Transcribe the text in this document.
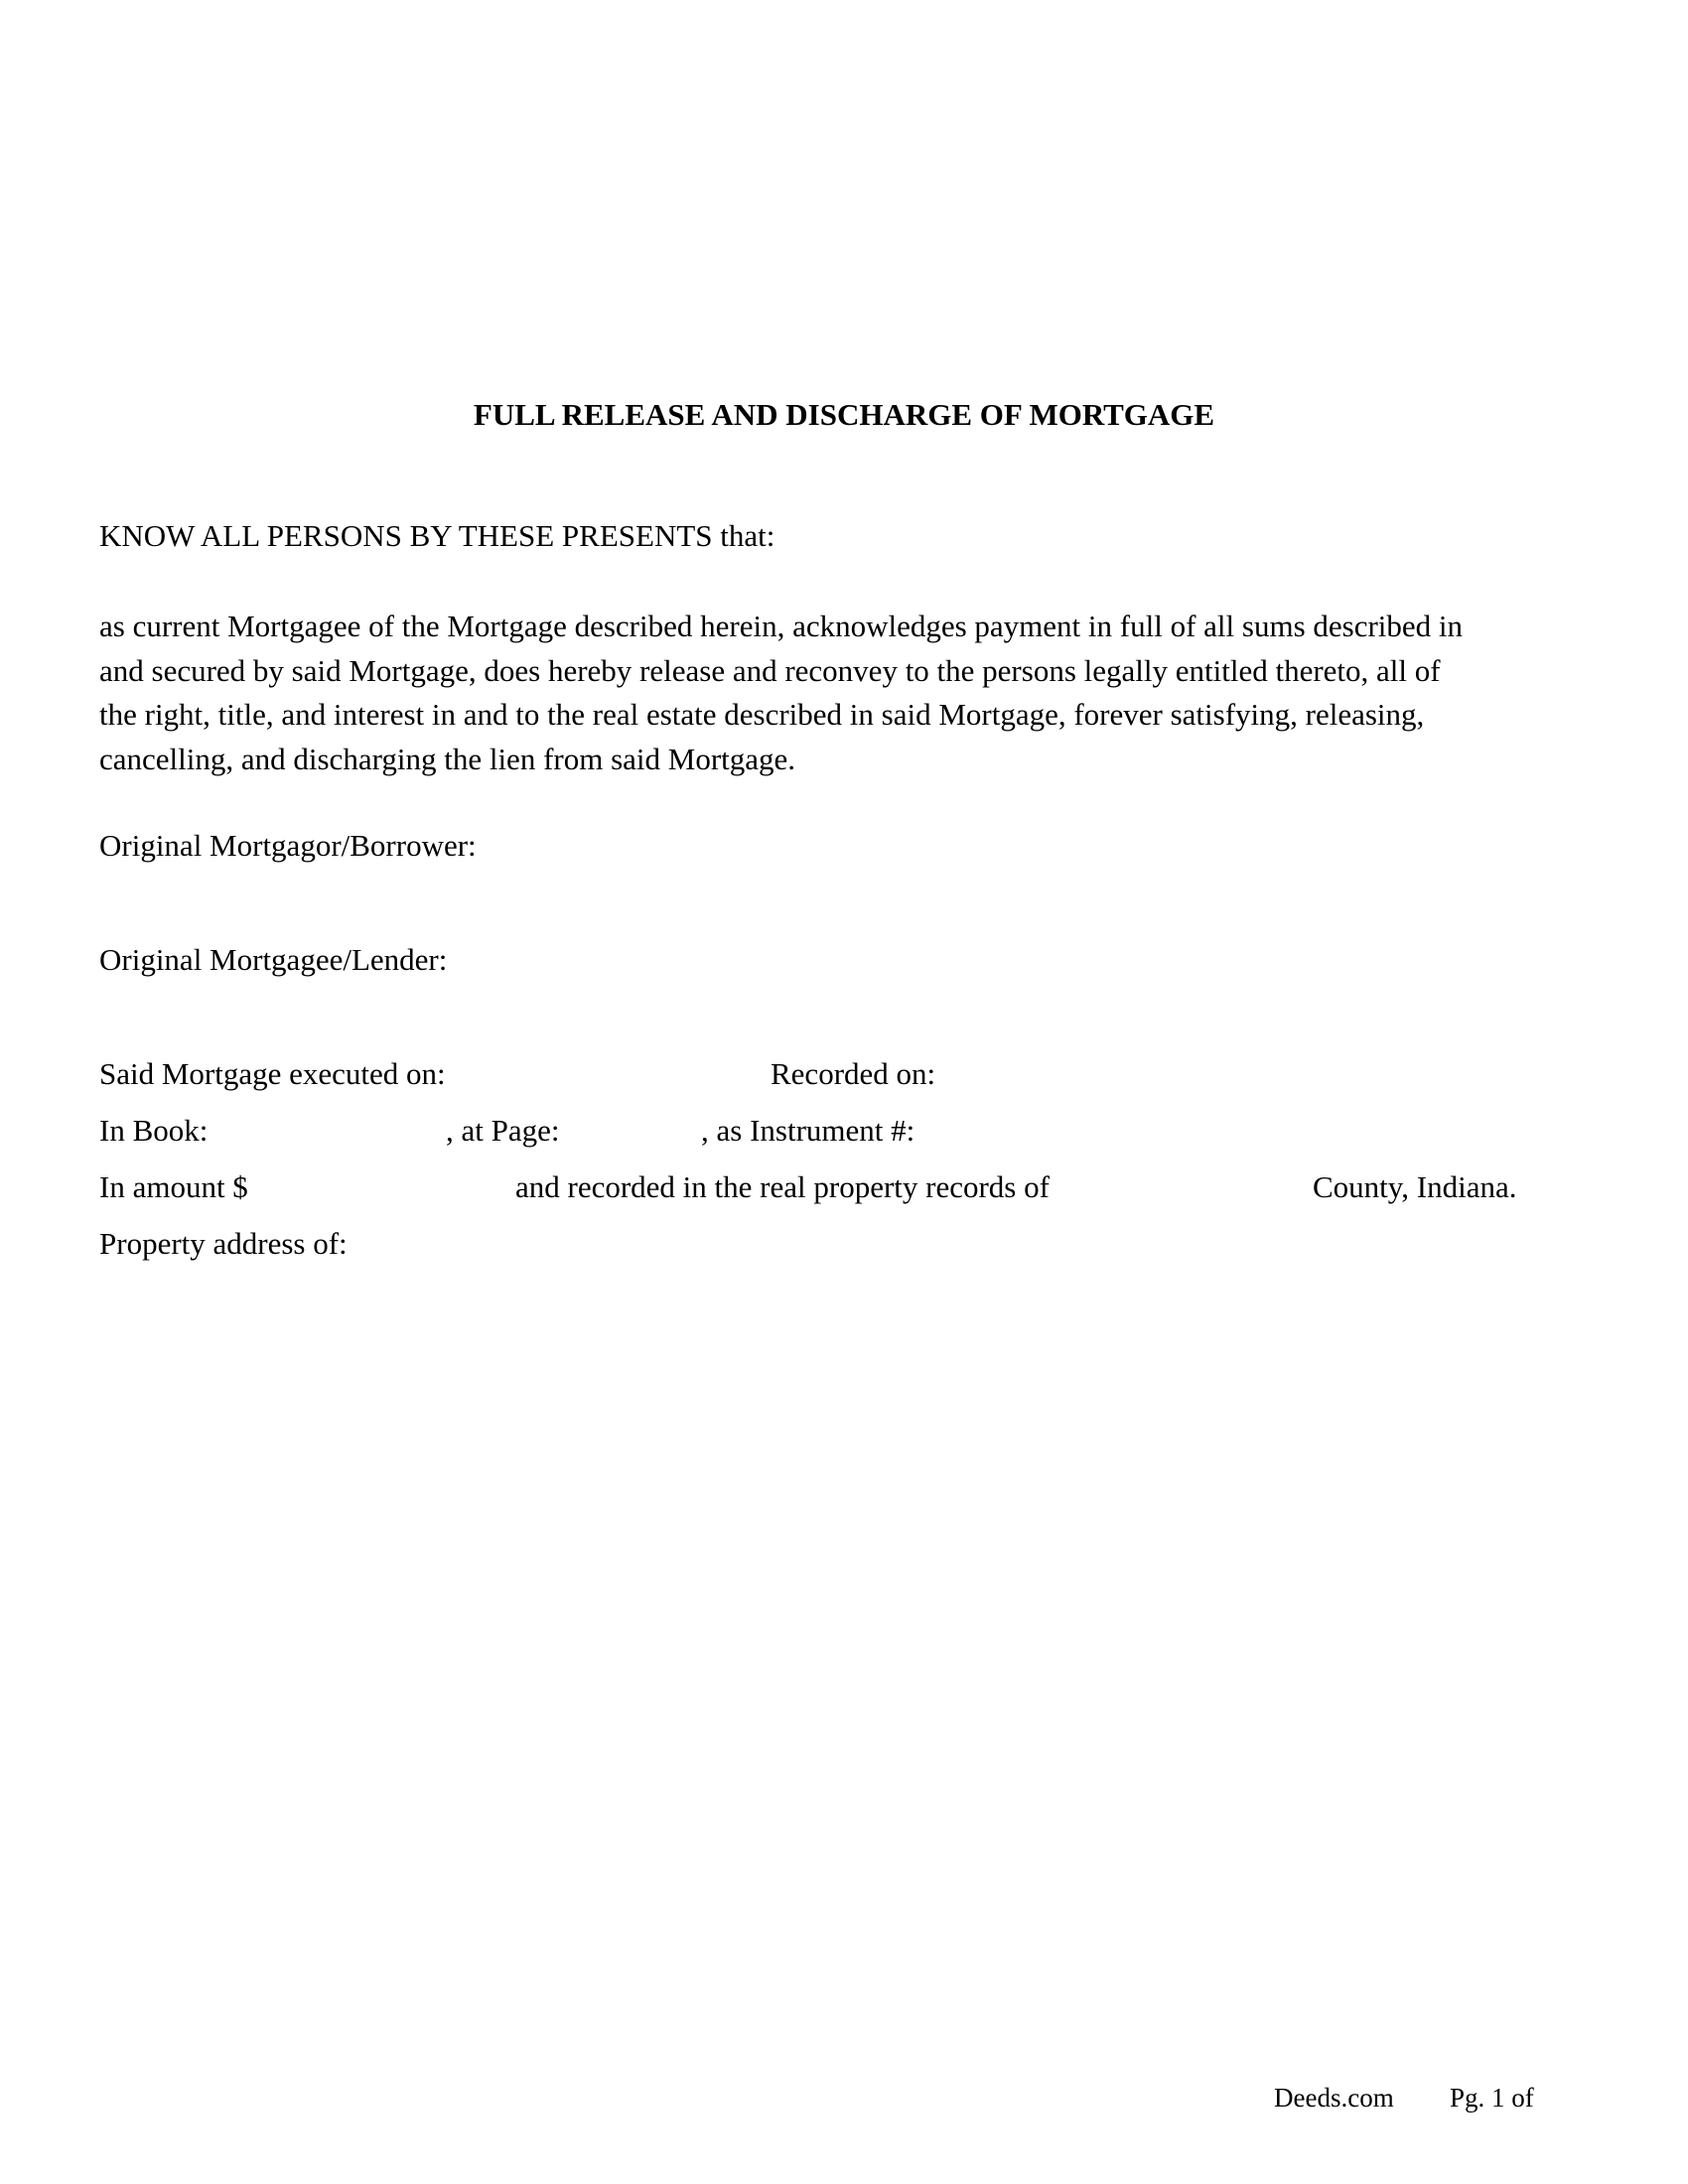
FULL RELEASE AND DISCHARGE OF MORTGAGE
KNOW ALL PERSONS BY THESE PRESENTS that:
as current Mortgagee of the Mortgage described herein, acknowledges payment in full of all sums described in
and secured by said Mortgage, does hereby release and reconvey to the persons legally entitled thereto, all of
the right, title, and interest in and to the real estate described in said Mortgage, forever satisfying, releasing,
cancelling, and discharging the lien from said Mortgage.
Original Mortgagor/Borrower:
Original Mortgagee/Lender:
Said Mortgage executed on:	Recorded on:
In Book:	, at Page:	, as Instrument #:
In amount $	and recorded in the real property records of	County, Indiana.
Property address of:
Deeds.com Pg. 1 of
